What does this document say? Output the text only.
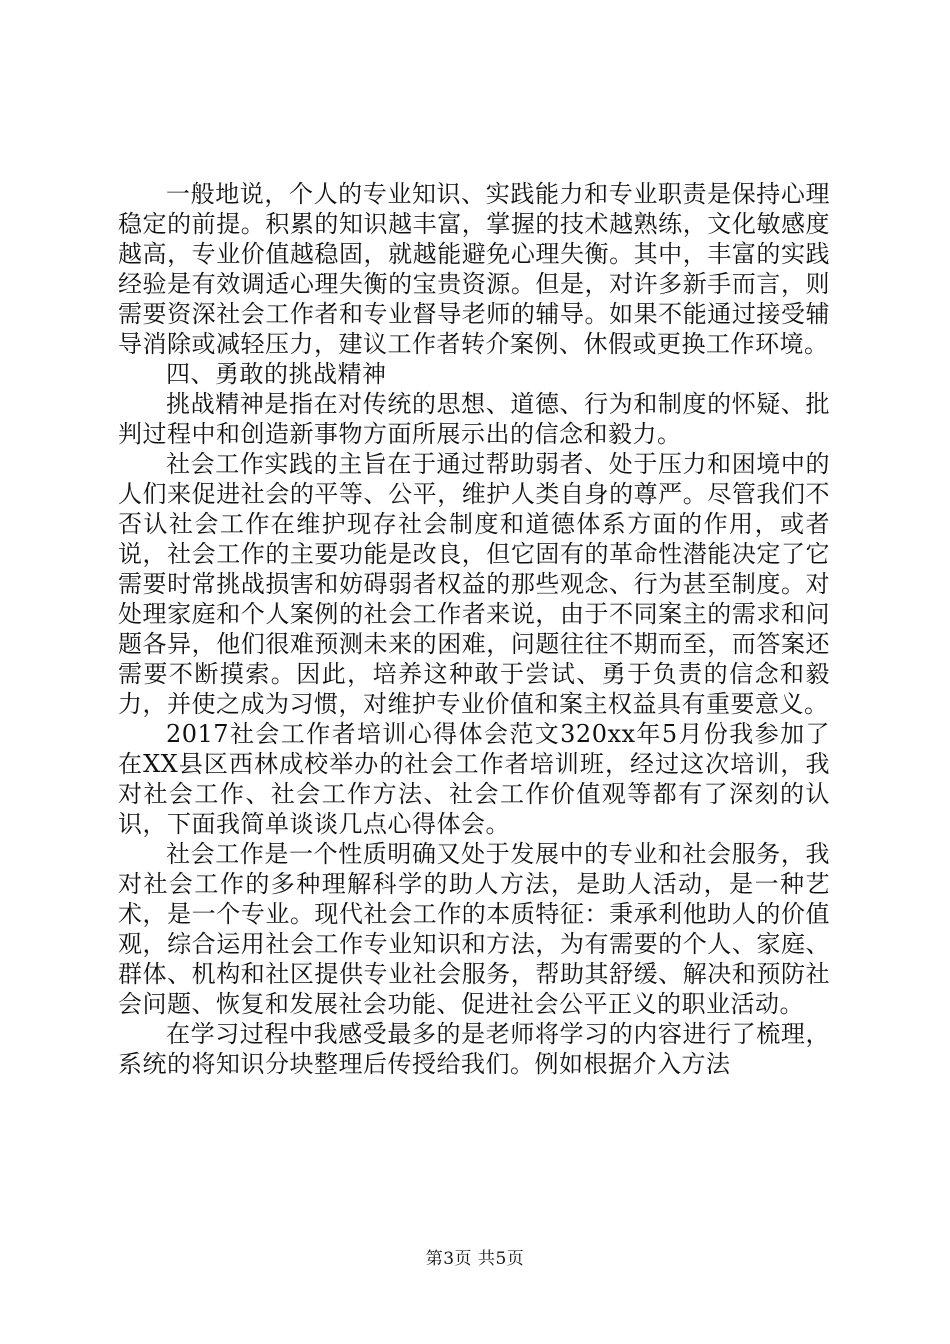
一般地说，个人的专业知识、实践能力和专业职责是保持心理稳定的前提。积累的知识越丰富，掌握的技术越熟练，文化敏感度越高，专业价值越稳固，就越能避免心理失衡。其中，丰富的实践经验是有效调适心理失衡的宝贵资源。但是，对许多新手而言，则需要资深社会工作者和专业督导老师的辅导。如果不能通过接受辅导消除或减轻压力，建议工作者转介案例、休假或更换工作环境。

四、勇敢的挑战精神

挑战精神是指在对传统的思想、道德、行为和制度的怀疑、批判过程中和创造新事物方面所展示出的信念和毅力。

社会工作实践的主旨在于通过帮助弱者、处于压力和困境中的人们来促进社会的平等、公平，维护人类自身的尊严。尽管我们不否认社会工作在维护现存社会制度和道德体系方面的作用，或者说，社会工作的主要功能是改良，但它固有的革命性潜能决定了它需要时常挑战损害和妨碍弱者权益的那些观念、行为甚至制度。对处理家庭和个人案例的社会工作者来说，由于不同案主的需求和问题各异，他们很难预测未来的困难，问题往往不期而至，而答案还需要不断摸索。因此，培养这种敢于尝试、勇于负责的信念和毅力，并使之成为习惯，对维护专业价值和案主权益具有重要意义。

2017社会工作者培训心得体会范文320xx年5月份我参加了在XX县区西林成校举办的社会工作者培训班，经过这次培训，我对社会工作、社会工作方法、社会工作价值观等都有了深刻的认识，下面我简单谈谈几点心得体会。

社会工作是一个性质明确又处于发展中的专业和社会服务，我对社会工作的多种理解科学的助人方法，是助人活动，是一种艺术，是一个专业。现代社会工作的本质特征：秉承利他助人的价值观，综合运用社会工作专业知识和方法，为有需要的个人、家庭、群体、机构和社区提供专业社会服务，帮助其舒缓、解决和预防社会问题、恢复和发展社会功能、促进社会公平正义的职业活动。

在学习过程中我感受最多的是老师将学习的内容进行了梳理，系统的将知识分块整理后传授给我们。例如根据介入方法

第3页 共5页
